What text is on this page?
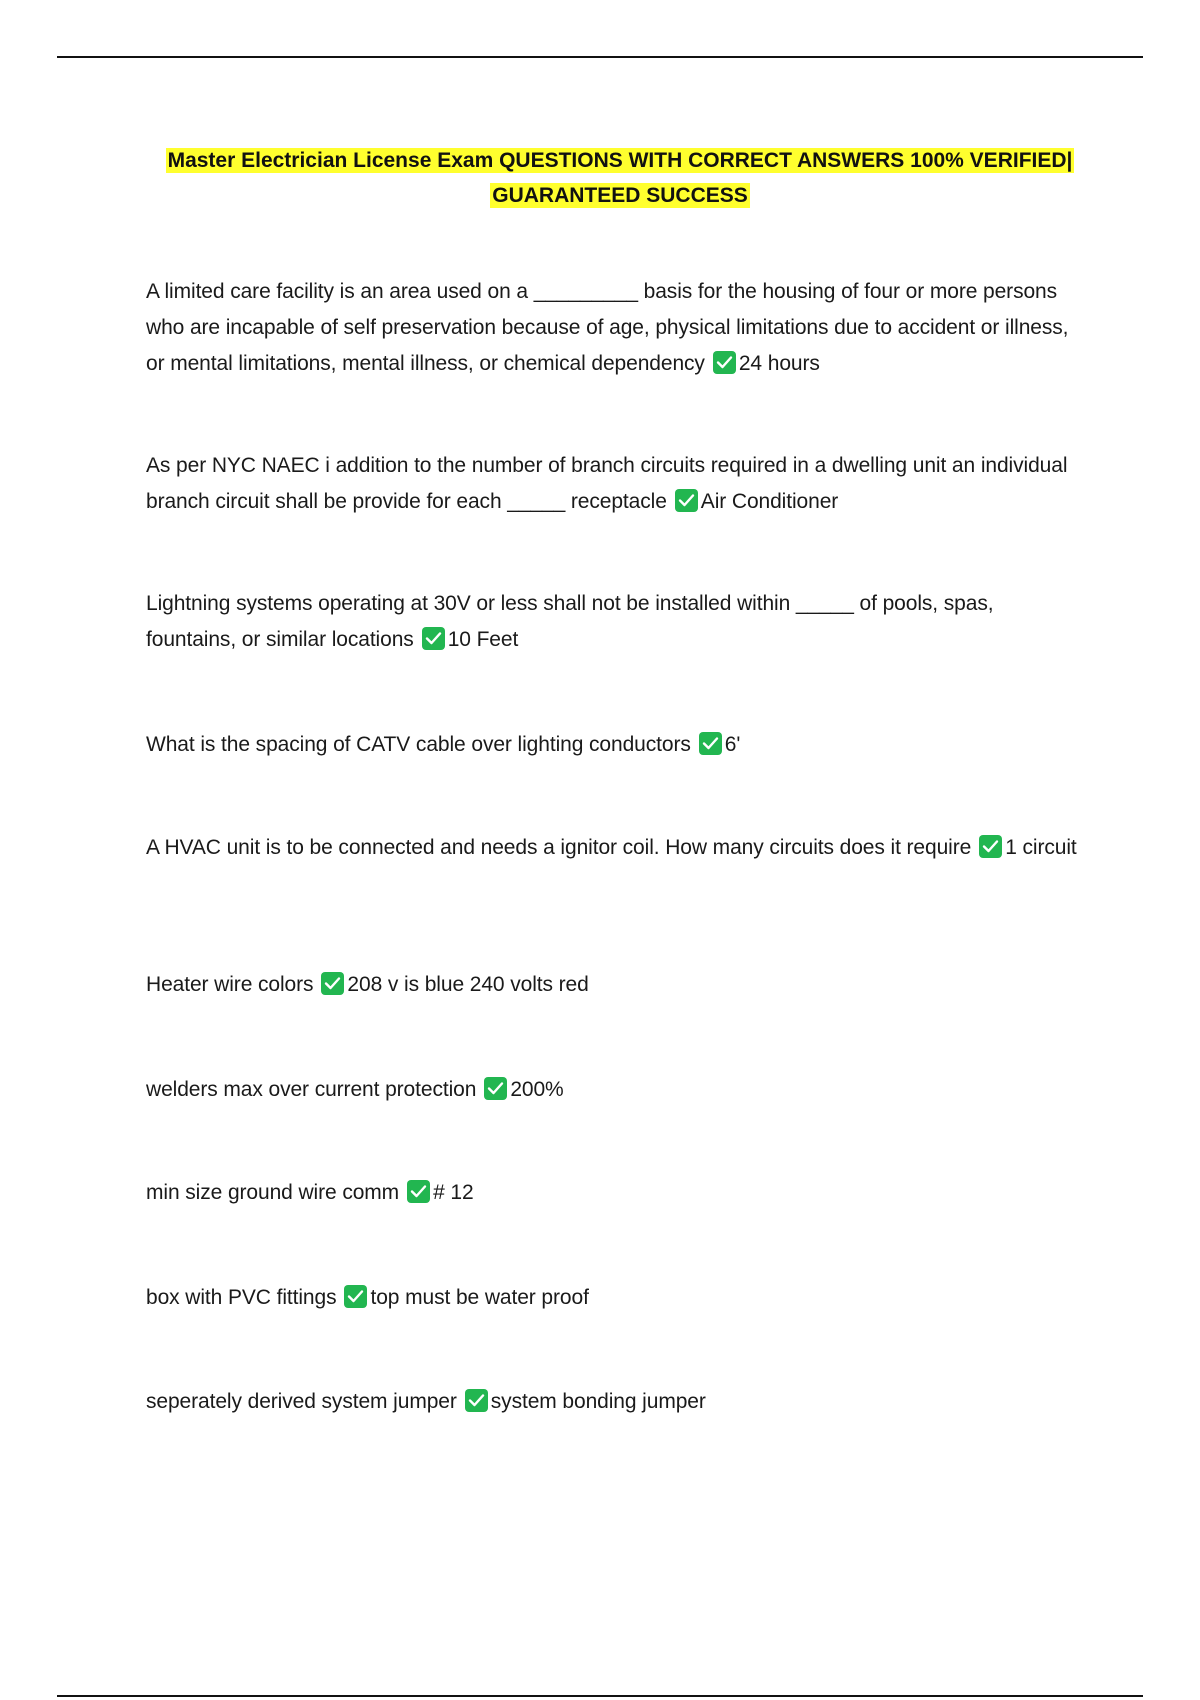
Master Electrician License Exam QUESTIONS WITH CORRECT ANSWERS 100% VERIFIED|
GUARANTEED SUCCESS
A limited care facility is an area used on a _________ basis for the housing of four or more persons who are incapable of self preservation because of age, physical limitations due to accident or illness, or mental limitations, mental illness, or chemical dependency 24 hours
As per NYC NAEC i addition to the number of branch circuits required in a dwelling unit an individual branch circuit shall be provide for each _____ receptacle Air Conditioner
Lightning systems operating at 30V or less shall not be installed within _____ of pools, spas, fountains, or similar locations 10 Feet
What is the spacing of CATV cable over lighting conductors 6'
A HVAC unit is to be connected and needs a ignitor coil. How many circuits does it require 1 circuit
Heater wire colors 208 v is blue 240 volts red
welders max over current protection 200%
min size ground wire comm # 12
box with PVC fittings top must be water proof
seperately derived system jumper system bonding jumper
